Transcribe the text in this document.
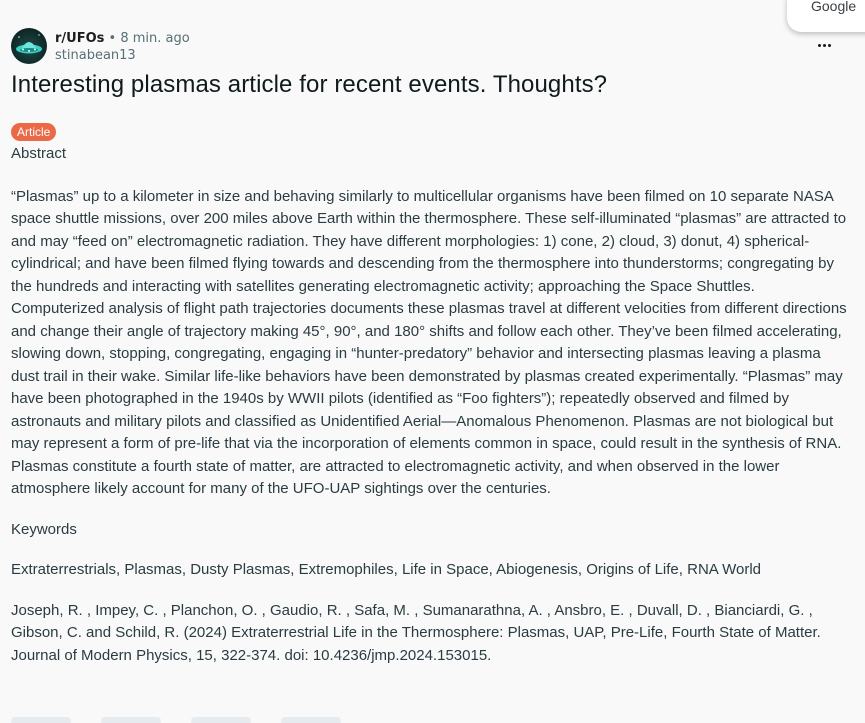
Google
r/UFOs • 8 min. ago
stinabean13
Interesting plasmas article for recent events. Thoughts?
Article

Abstract

“Plasmas” up to a kilometer in size and behaving similarly to multicellular organisms have been filmed on 10 separate NASA space shuttle missions, over 200 miles above Earth within the thermosphere. These self-illuminated “plasmas” are attracted to and may “feed on” electromagnetic radiation. They have different morphologies: 1) cone, 2) cloud, 3) donut, 4) spherical-cylindrical; and have been filmed flying towards and descending from the thermosphere into thunderstorms; congregating by the hundreds and interacting with satellites generating electromagnetic activity; approaching the Space Shuttles. Computerized analysis of flight path trajectories documents these plasmas travel at different velocities from different directions and change their angle of trajectory making 45°, 90°, and 180° shifts and follow each other. They’ve been filmed accelerating, slowing down, stopping, congregating, engaging in “hunter-predatory” behavior and intersecting plasmas leaving a plasma dust trail in their wake. Similar life-like behaviors have been demonstrated by plasmas created experimentally. “Plasmas” may have been photographed in the 1940s by WWII pilots (identified as “Foo fighters”); repeatedly observed and filmed by astronauts and military pilots and classified as Unidentified Aerial—Anomalous Phenomenon. Plasmas are not biological but may represent a form of pre-life that via the incorporation of elements common in space, could result in the synthesis of RNA. Plasmas constitute a fourth state of matter, are attracted to electromagnetic activity, and when observed in the lower atmosphere likely account for many of the UFO-UAP sightings over the centuries.

Keywords

Extraterrestrials, Plasmas, Dusty Plasmas, Extremophiles, Life in Space, Abiogenesis, Origins of Life, RNA World

Joseph, R. , Impey, C. , Planchon, O. , Gaudio, R. , Safa, M. , Sumanarathna, A. , Ansbro, E. , Duvall, D. , Bianciardi, G. , Gibson, C. and Schild, R. (2024) Extraterrestrial Life in the Thermosphere: Plasmas, UAP, Pre-Life, Fourth State of Matter. Journal of Modern Physics, 15, 322-374. doi: 10.4236/jmp.2024.153015.
